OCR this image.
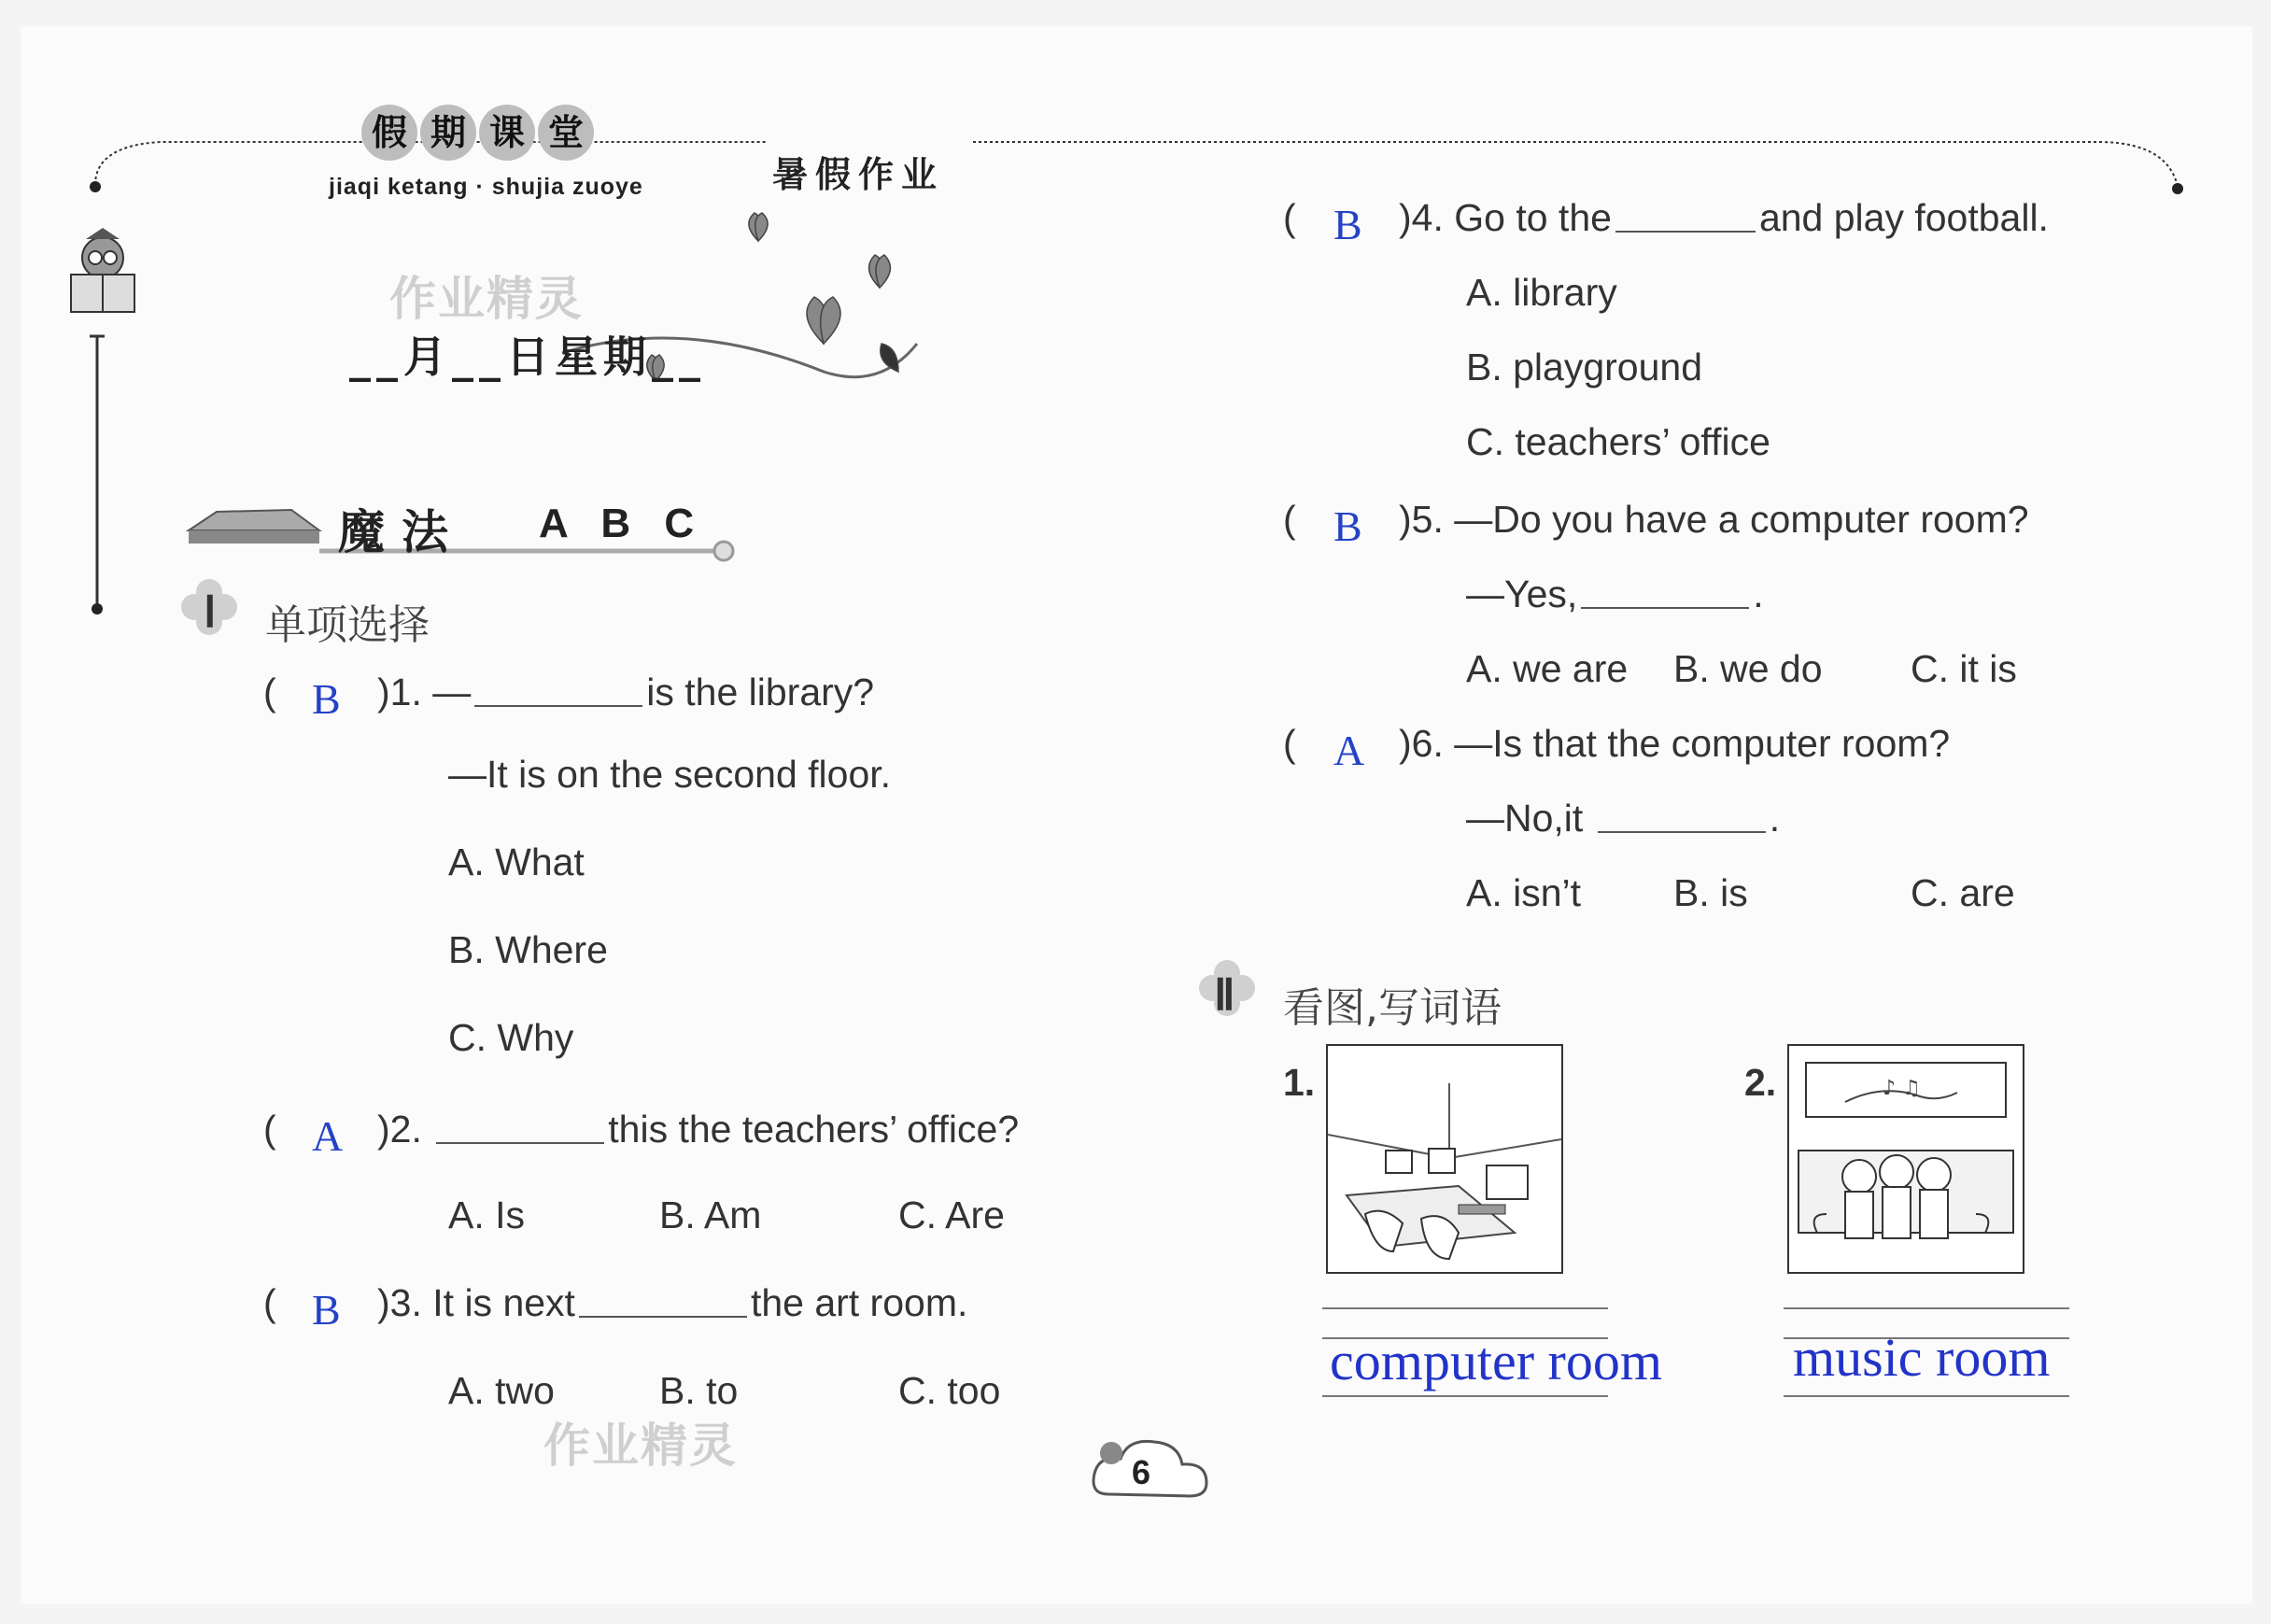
假 期 课 堂
jiaqi ketang · shujia zuoye	暑假作业
作业精灵
__月__日星期__
魔法 A B C
Ⅰ 单项选择
( B )1. —	is the library?
—It is on the second floor.
A. What
B. Where
C. Why
( A )2.	this the teachers’ office?
A. Is	B. Am	C. Are
( B )3. It is next	the art room.
A. two	B. to	C. too
作业精灵
( B )4. Go to the	and play football.
A. library
B. playground
C. teachers’ office
( B )5. —Do you have a computer room?
—Yes,	.
A. we are B. we do C. it is
( A )6. —Is that the computer room?
—No,it	.
A. isn’t B. is	C. are
Ⅱ 看图,写词语
1.
computer room
2.	♪ ♫
music room
6
